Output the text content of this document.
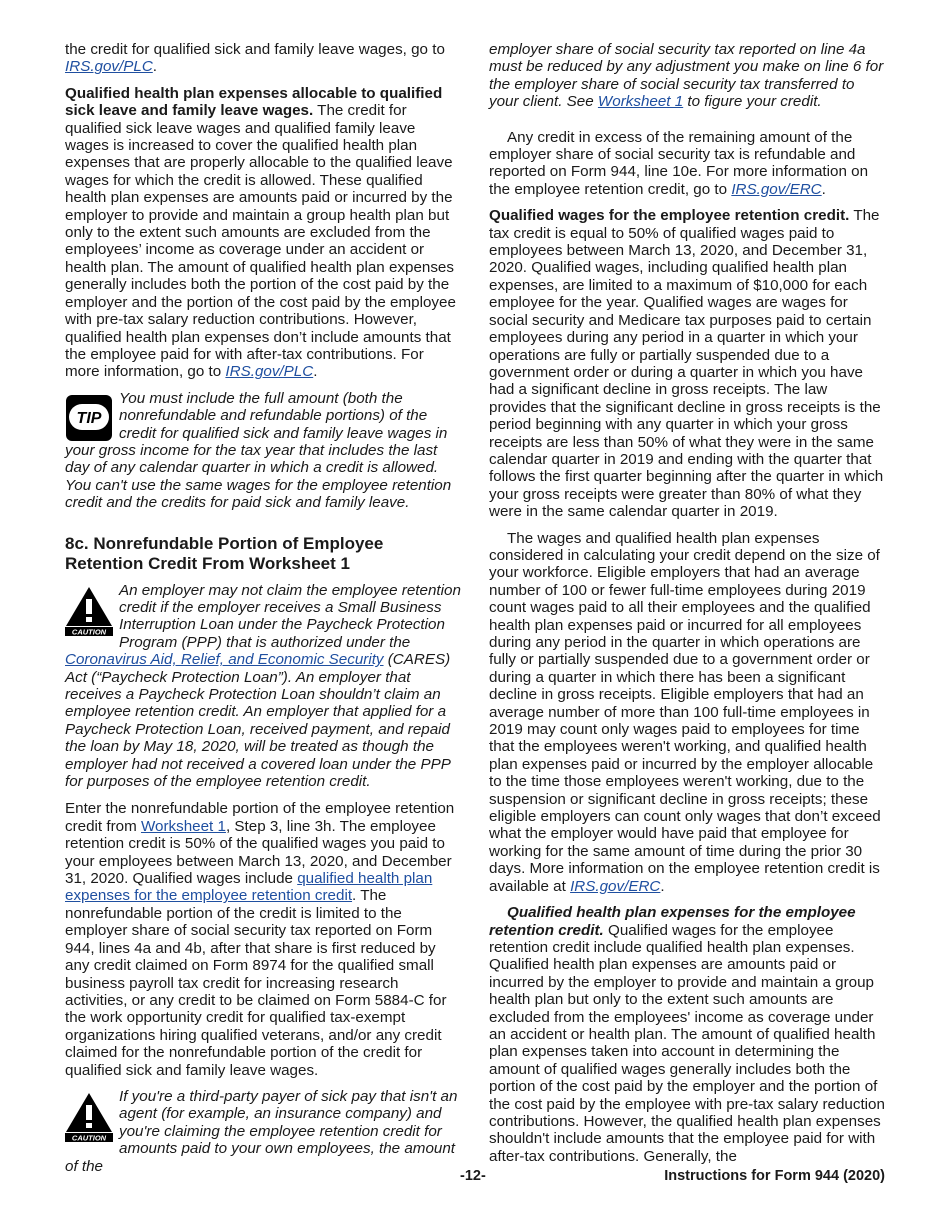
the credit for qualified sick and family leave wages, go to IRS.gov/PLC.

Qualified health plan expenses allocable to qualified sick leave and family leave wages. The credit for qualified sick leave wages and qualified family leave wages is increased to cover the qualified health plan expenses that are properly allocable to the qualified leave wages for which the credit is allowed. These qualified health plan expenses are amounts paid or incurred by the employer to provide and maintain a group health plan but only to the extent such amounts are excluded from the employees’ income as coverage under an accident or health plan. The amount of qualified health plan expenses generally includes both the portion of the cost paid by the employer and the portion of the cost paid by the employee with pre-tax salary reduction contributions. However, qualified health plan expenses don’t include amounts that the employee paid for with after-tax contributions. For more information, go to IRS.gov/PLC.

TIP
You must include the full amount (both the nonrefundable and refundable portions) of the credit for qualified sick and family leave wages in your gross income for the tax year that includes the last day of any calendar quarter in which a credit is allowed. You can't use the same wages for the employee retention credit and the credits for paid sick and family leave.
8c. Nonrefundable Portion of Employee Retention Credit From Worksheet 1
CAUTION
An employer may not claim the employee retention credit if the employer receives a Small Business Interruption Loan under the Paycheck Protection Program (PPP) that is authorized under the Coronavirus Aid, Relief, and Economic Security (CARES) Act (“Paycheck Protection Loan”). An employer that receives a Paycheck Protection Loan shouldn’t claim an employee retention credit. An employer that applied for a Paycheck Protection Loan, received payment, and repaid the loan by May 18, 2020, will be treated as though the employer had not received a covered loan under the PPP for purposes of the employee retention credit.

Enter the nonrefundable portion of the employee retention credit from Worksheet 1, Step 3, line 3h. The employee retention credit is 50% of the qualified wages you paid to your employees between March 13, 2020, and December 31, 2020. Qualified wages include qualified health plan expenses for the employee retention credit. The nonrefundable portion of the credit is limited to the employer share of social security tax reported on Form 944, lines 4a and 4b, after that share is first reduced by any credit claimed on Form 8974 for the qualified small business payroll tax credit for increasing research activities, or any credit to be claimed on Form 5884-C for the work opportunity credit for qualified tax-exempt organizations hiring qualified veterans, and/or any credit claimed for the nonrefundable portion of the credit for qualified sick and family leave wages.

CAUTION
If you're a third-party payer of sick pay that isn't an agent (for example, an insurance company) and you're claiming the employee retention credit for amounts paid to your own employees, the amount of the

employer share of social security tax reported on line 4a must be reduced by any adjustment you make on line 6 for the employer share of social security tax transferred to your client. See Worksheet 1 to figure your credit.

Any credit in excess of the remaining amount of the employer share of social security tax is refundable and reported on Form 944, line 10e. For more information on the employee retention credit, go to IRS.gov/ERC.

Qualified wages for the employee retention credit. The tax credit is equal to 50% of qualified wages paid to employees between March 13, 2020, and December 31, 2020. Qualified wages, including qualified health plan expenses, are limited to a maximum of $10,000 for each employee for the year. Qualified wages are wages for social security and Medicare tax purposes paid to certain employees during any period in a quarter in which your operations are fully or partially suspended due to a government order or during a quarter in which you have had a significant decline in gross receipts. The law provides that the significant decline in gross receipts is the period beginning with any quarter in which your gross receipts are less than 50% of what they were in the same calendar quarter in 2019 and ending with the quarter that follows the first quarter beginning after the quarter in which your gross receipts were greater than 80% of what they were in the same calendar quarter in 2019.

The wages and qualified health plan expenses considered in calculating your credit depend on the size of your workforce. Eligible employers that had an average number of 100 or fewer full-time employees during 2019 count wages paid to all their employees and the qualified health plan expenses paid or incurred for all employees during any period in the quarter in which operations are fully or partially suspended due to a government order or during a quarter in which there has been a significant decline in gross receipts. Eligible employers that had an average number of more than 100 full-time employees in 2019 may count only wages paid to employees for time that the employees weren't working, and qualified health plan expenses paid or incurred by the employer allocable to the time those employees weren't working, due to the suspension or significant decline in gross receipts; these eligible employers can count only wages that don’t exceed what the employer would have paid that employee for working for the same amount of time during the prior 30 days. More information on the employee retention credit is available at IRS.gov/ERC.

Qualified health plan expenses for the employee retention credit. Qualified wages for the employee retention credit include qualified health plan expenses. Qualified health plan expenses are amounts paid or incurred by the employer to provide and maintain a group health plan but only to the extent such amounts are excluded from the employees' income as coverage under an accident or health plan. The amount of qualified health plan expenses taken into account in determining the amount of qualified wages generally includes both the portion of the cost paid by the employer and the portion of the cost paid by the employee with pre-tax salary reduction contributions. However, the qualified health plan expenses shouldn't include amounts that the employee paid for with after-tax contributions. Generally, the

-12-	Instructions for Form 944 (2020)
